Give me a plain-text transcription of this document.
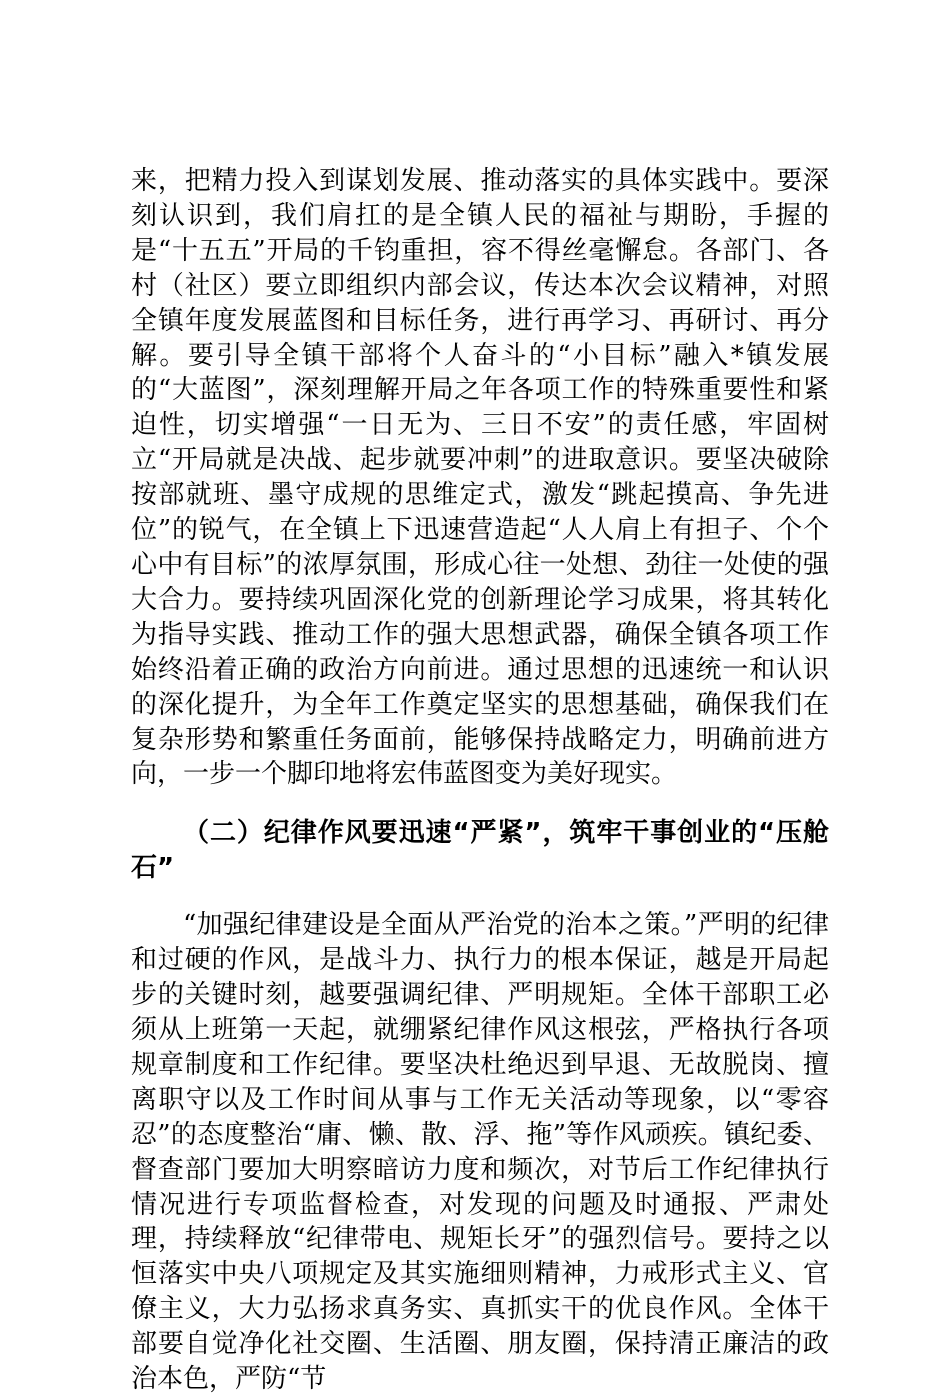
来，把精力投入到谋划发展、推动落实的具体实践中。要深刻认识到，我们肩扛的是全镇人民的福祉与期盼，手握的是“十五五”开局的千钧重担，容不得丝毫懈怠。各部门、各村（社区）要立即组织内部会议，传达本次会议精神，对照全镇年度发展蓝图和目标任务，进行再学习、再研讨、再分解。要引导全镇干部将个人奋斗的“小目标”融入*镇发展的“大蓝图”，深刻理解开局之年各项工作的特殊重要性和紧迫性，切实增强“一日无为、三日不安”的责任感，牢固树立“开局就是决战、起步就要冲刺”的进取意识。要坚决破除按部就班、墨守成规的思维定式，激发“跳起摸高、争先进位”的锐气，在全镇上下迅速营造起“人人肩上有担子、个个心中有目标”的浓厚氛围，形成心往一处想、劲往一处使的强大合力。要持续巩固深化党的创新理论学习成果，将其转化为指导实践、推动工作的强大思想武器，确保全镇各项工作始终沿着正确的政治方向前进。通过思想的迅速统一和认识的深化提升，为全年工作奠定坚实的思想基础，确保我们在复杂形势和繁重任务面前，能够保持战略定力，明确前进方向，一步一个脚印地将宏伟蓝图变为美好现实。

（二）纪律作风要迅速“严紧”，筑牢干事创业的“压舱石”

“加强纪律建设是全面从严治党的治本之策。”严明的纪律和过硬的作风，是战斗力、执行力的根本保证，越是开局起步的关键时刻，越要强调纪律、严明规矩。全体干部职工必须从上班第一天起，就绷紧纪律作风这根弦，严格执行各项规章制度和工作纪律。要坚决杜绝迟到早退、无故脱岗、擅离职守以及工作时间从事与工作无关活动等现象，以“零容忍”的态度整治“庸、懒、散、浮、拖”等作风顽疾。镇纪委、督查部门要加大明察暗访力度和频次，对节后工作纪律执行情况进行专项监督检查，对发现的问题及时通报、严肃处理，持续释放“纪律带电、规矩长牙”的强烈信号。要持之以恒落实中央八项规定及其实施细则精神，力戒形式主义、官僚主义，大力弘扬求真务实、真抓实干的优良作风。全体干部要自觉净化社交圈、生活圈、朋友圈，保持清正廉洁的政治本色，严防“节
